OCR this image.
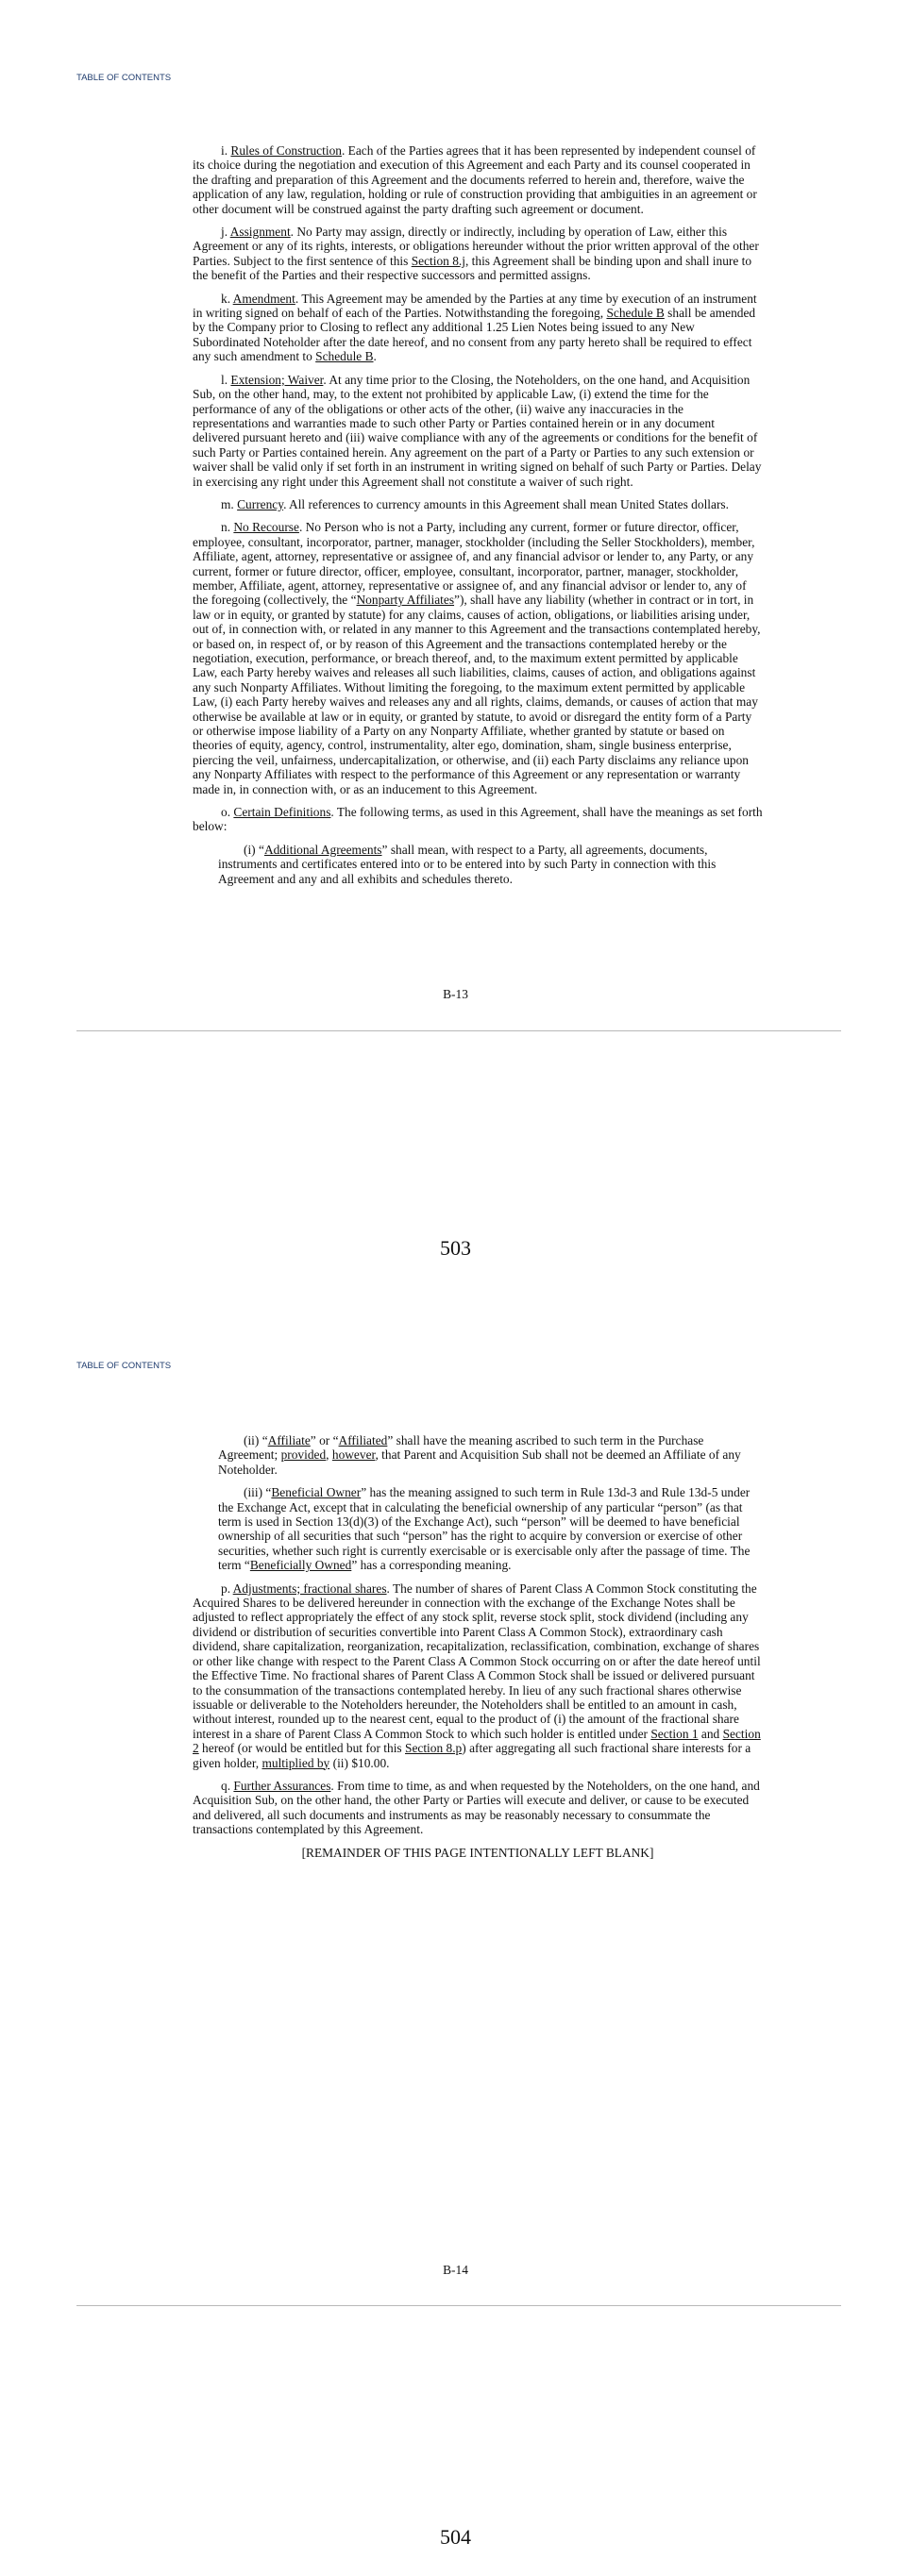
TABLE OF CONTENTS

i. Rules of Construction. Each of the Parties agrees that it has been represented by independent counsel of its choice during the negotiation and execution of this Agreement and each Party and its counsel cooperated in the drafting and preparation of this Agreement and the documents referred to herein and, therefore, waive the application of any law, regulation, holding or rule of construction providing that ambiguities in an agreement or other document will be construed against the party drafting such agreement or document.

j. Assignment. No Party may assign, directly or indirectly, including by operation of Law, either this Agreement or any of its rights, interests, or obligations hereunder without the prior written approval of the other Parties. Subject to the first sentence of this Section 8.j, this Agreement shall be binding upon and shall inure to the benefit of the Parties and their respective successors and permitted assigns.

k. Amendment. This Agreement may be amended by the Parties at any time by execution of an instrument in writing signed on behalf of each of the Parties. Notwithstanding the foregoing, Schedule B shall be amended by the Company prior to Closing to reflect any additional 1.25 Lien Notes being issued to any New Subordinated Noteholder after the date hereof, and no consent from any party hereto shall be required to effect any such amendment to Schedule B.

l. Extension; Waiver. At any time prior to the Closing, the Noteholders, on the one hand, and Acquisition Sub, on the other hand, may, to the extent not prohibited by applicable Law, (i) extend the time for the performance of any of the obligations or other acts of the other, (ii) waive any inaccuracies in the representations and warranties made to such other Party or Parties contained herein or in any document delivered pursuant hereto and (iii) waive compliance with any of the agreements or conditions for the benefit of such Party or Parties contained herein. Any agreement on the part of a Party or Parties to any such extension or waiver shall be valid only if set forth in an instrument in writing signed on behalf of such Party or Parties. Delay in exercising any right under this Agreement shall not constitute a waiver of such right.

m. Currency. All references to currency amounts in this Agreement shall mean United States dollars.

n. No Recourse. No Person who is not a Party, including any current, former or future director, officer, employee, consultant, incorporator, partner, manager, stockholder (including the Seller Stockholders), member, Affiliate, agent, attorney, representative or assignee of, and any financial advisor or lender to, any Party, or any current, former or future director, officer, employee, consultant, incorporator, partner, manager, stockholder, member, Affiliate, agent, attorney, representative or assignee of, and any financial advisor or lender to, any of the foregoing (collectively, the “Nonparty Affiliates”), shall have any liability (whether in contract or in tort, in law or in equity, or granted by statute) for any claims, causes of action, obligations, or liabilities arising under, out of, in connection with, or related in any manner to this Agreement and the transactions contemplated hereby, or based on, in respect of, or by reason of this Agreement and the transactions contemplated hereby or the negotiation, execution, performance, or breach thereof, and, to the maximum extent permitted by applicable Law, each Party hereby waives and releases all such liabilities, claims, causes of action, and obligations against any such Nonparty Affiliates. Without limiting the foregoing, to the maximum extent permitted by applicable Law, (i) each Party hereby waives and releases any and all rights, claims, demands, or causes of action that may otherwise be available at law or in equity, or granted by statute, to avoid or disregard the entity form of a Party or otherwise impose liability of a Party on any Nonparty Affiliate, whether granted by statute or based on theories of equity, agency, control, instrumentality, alter ego, domination, sham, single business enterprise, piercing the veil, unfairness, undercapitalization, or otherwise, and (ii) each Party disclaims any reliance upon any Nonparty Affiliates with respect to the performance of this Agreement or any representation or warranty made in, in connection with, or as an inducement to this Agreement.

o. Certain Definitions. The following terms, as used in this Agreement, shall have the meanings as set forth below:

(i) “Additional Agreements” shall mean, with respect to a Party, all agreements, documents, instruments and certificates entered into or to be entered into by such Party in connection with this Agreement and any and all exhibits and schedules thereto.

B-13
503
TABLE OF CONTENTS

(ii) “Affiliate” or “Affiliated” shall have the meaning ascribed to such term in the Purchase Agreement; provided, however, that Parent and Acquisition Sub shall not be deemed an Affiliate of any Noteholder.

(iii) “Beneficial Owner” has the meaning assigned to such term in Rule 13d-3 and Rule 13d-5 under the Exchange Act, except that in calculating the beneficial ownership of any particular “person” (as that term is used in Section 13(d)(3) of the Exchange Act), such “person” will be deemed to have beneficial ownership of all securities that such “person” has the right to acquire by conversion or exercise of other securities, whether such right is currently exercisable or is exercisable only after the passage of time. The term “Beneficially Owned” has a corresponding meaning.

p. Adjustments; fractional shares. The number of shares of Parent Class A Common Stock constituting the Acquired Shares to be delivered hereunder in connection with the exchange of the Exchange Notes shall be adjusted to reflect appropriately the effect of any stock split, reverse stock split, stock dividend (including any dividend or distribution of securities convertible into Parent Class A Common Stock), extraordinary cash dividend, share capitalization, reorganization, recapitalization, reclassification, combination, exchange of shares or other like change with respect to the Parent Class A Common Stock occurring on or after the date hereof until the Effective Time. No fractional shares of Parent Class A Common Stock shall be issued or delivered pursuant to the consummation of the transactions contemplated hereby. In lieu of any such fractional shares otherwise issuable or deliverable to the Noteholders hereunder, the Noteholders shall be entitled to an amount in cash, without interest, rounded up to the nearest cent, equal to the product of (i) the amount of the fractional share interest in a share of Parent Class A Common Stock to which such holder is entitled under Section 1 and Section 2 hereof (or would be entitled but for this Section 8.p) after aggregating all such fractional share interests for a given holder, multiplied by (ii) $10.00.

q. Further Assurances. From time to time, as and when requested by the Noteholders, on the one hand, and Acquisition Sub, on the other hand, the other Party or Parties will execute and deliver, or cause to be executed and delivered, all such documents and instruments as may be reasonably necessary to consummate the transactions contemplated by this Agreement.

[REMAINDER OF THIS PAGE INTENTIONALLY LEFT BLANK]

B-14
504
